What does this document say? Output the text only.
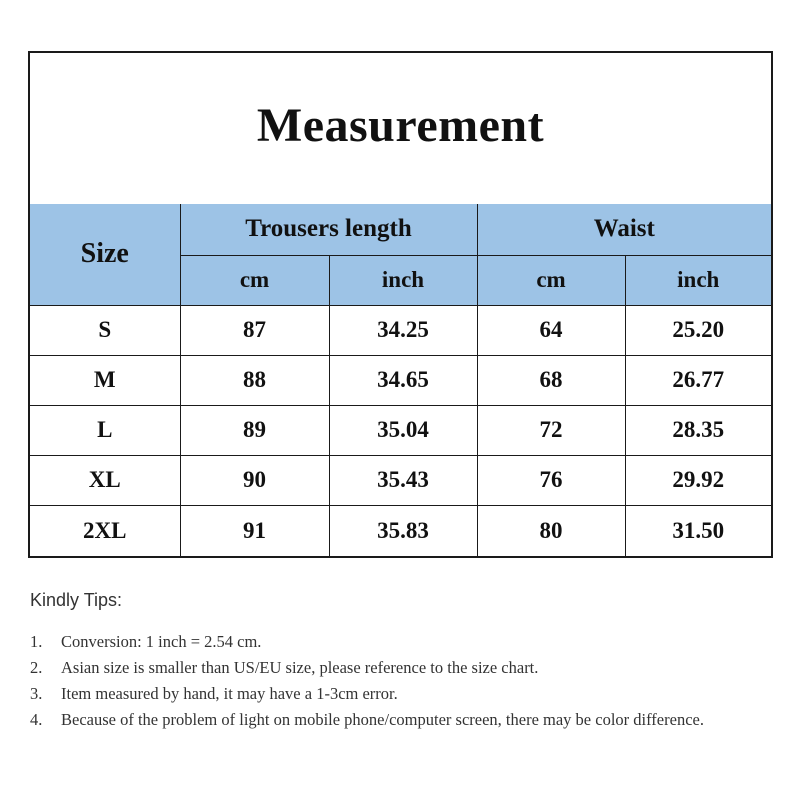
Measurement
Size	Trousers length		Waist	
	cm	inch	cm	inch
S	87	34.25	64	25.20
M	88	34.65	68	26.77
L	89	35.04	72	28.35
XL	90	35.43	76	29.92
2XL	91	35.83	80	31.50
Kindly Tips:
1. Conversion: 1 inch = 2.54 cm.
2. Asian size is smaller than US/EU size, please reference to the size chart.
3. Item measured by hand, it may have a 1-3cm error.
4. Because of the problem of light on mobile phone/computer screen, there may be color difference.
